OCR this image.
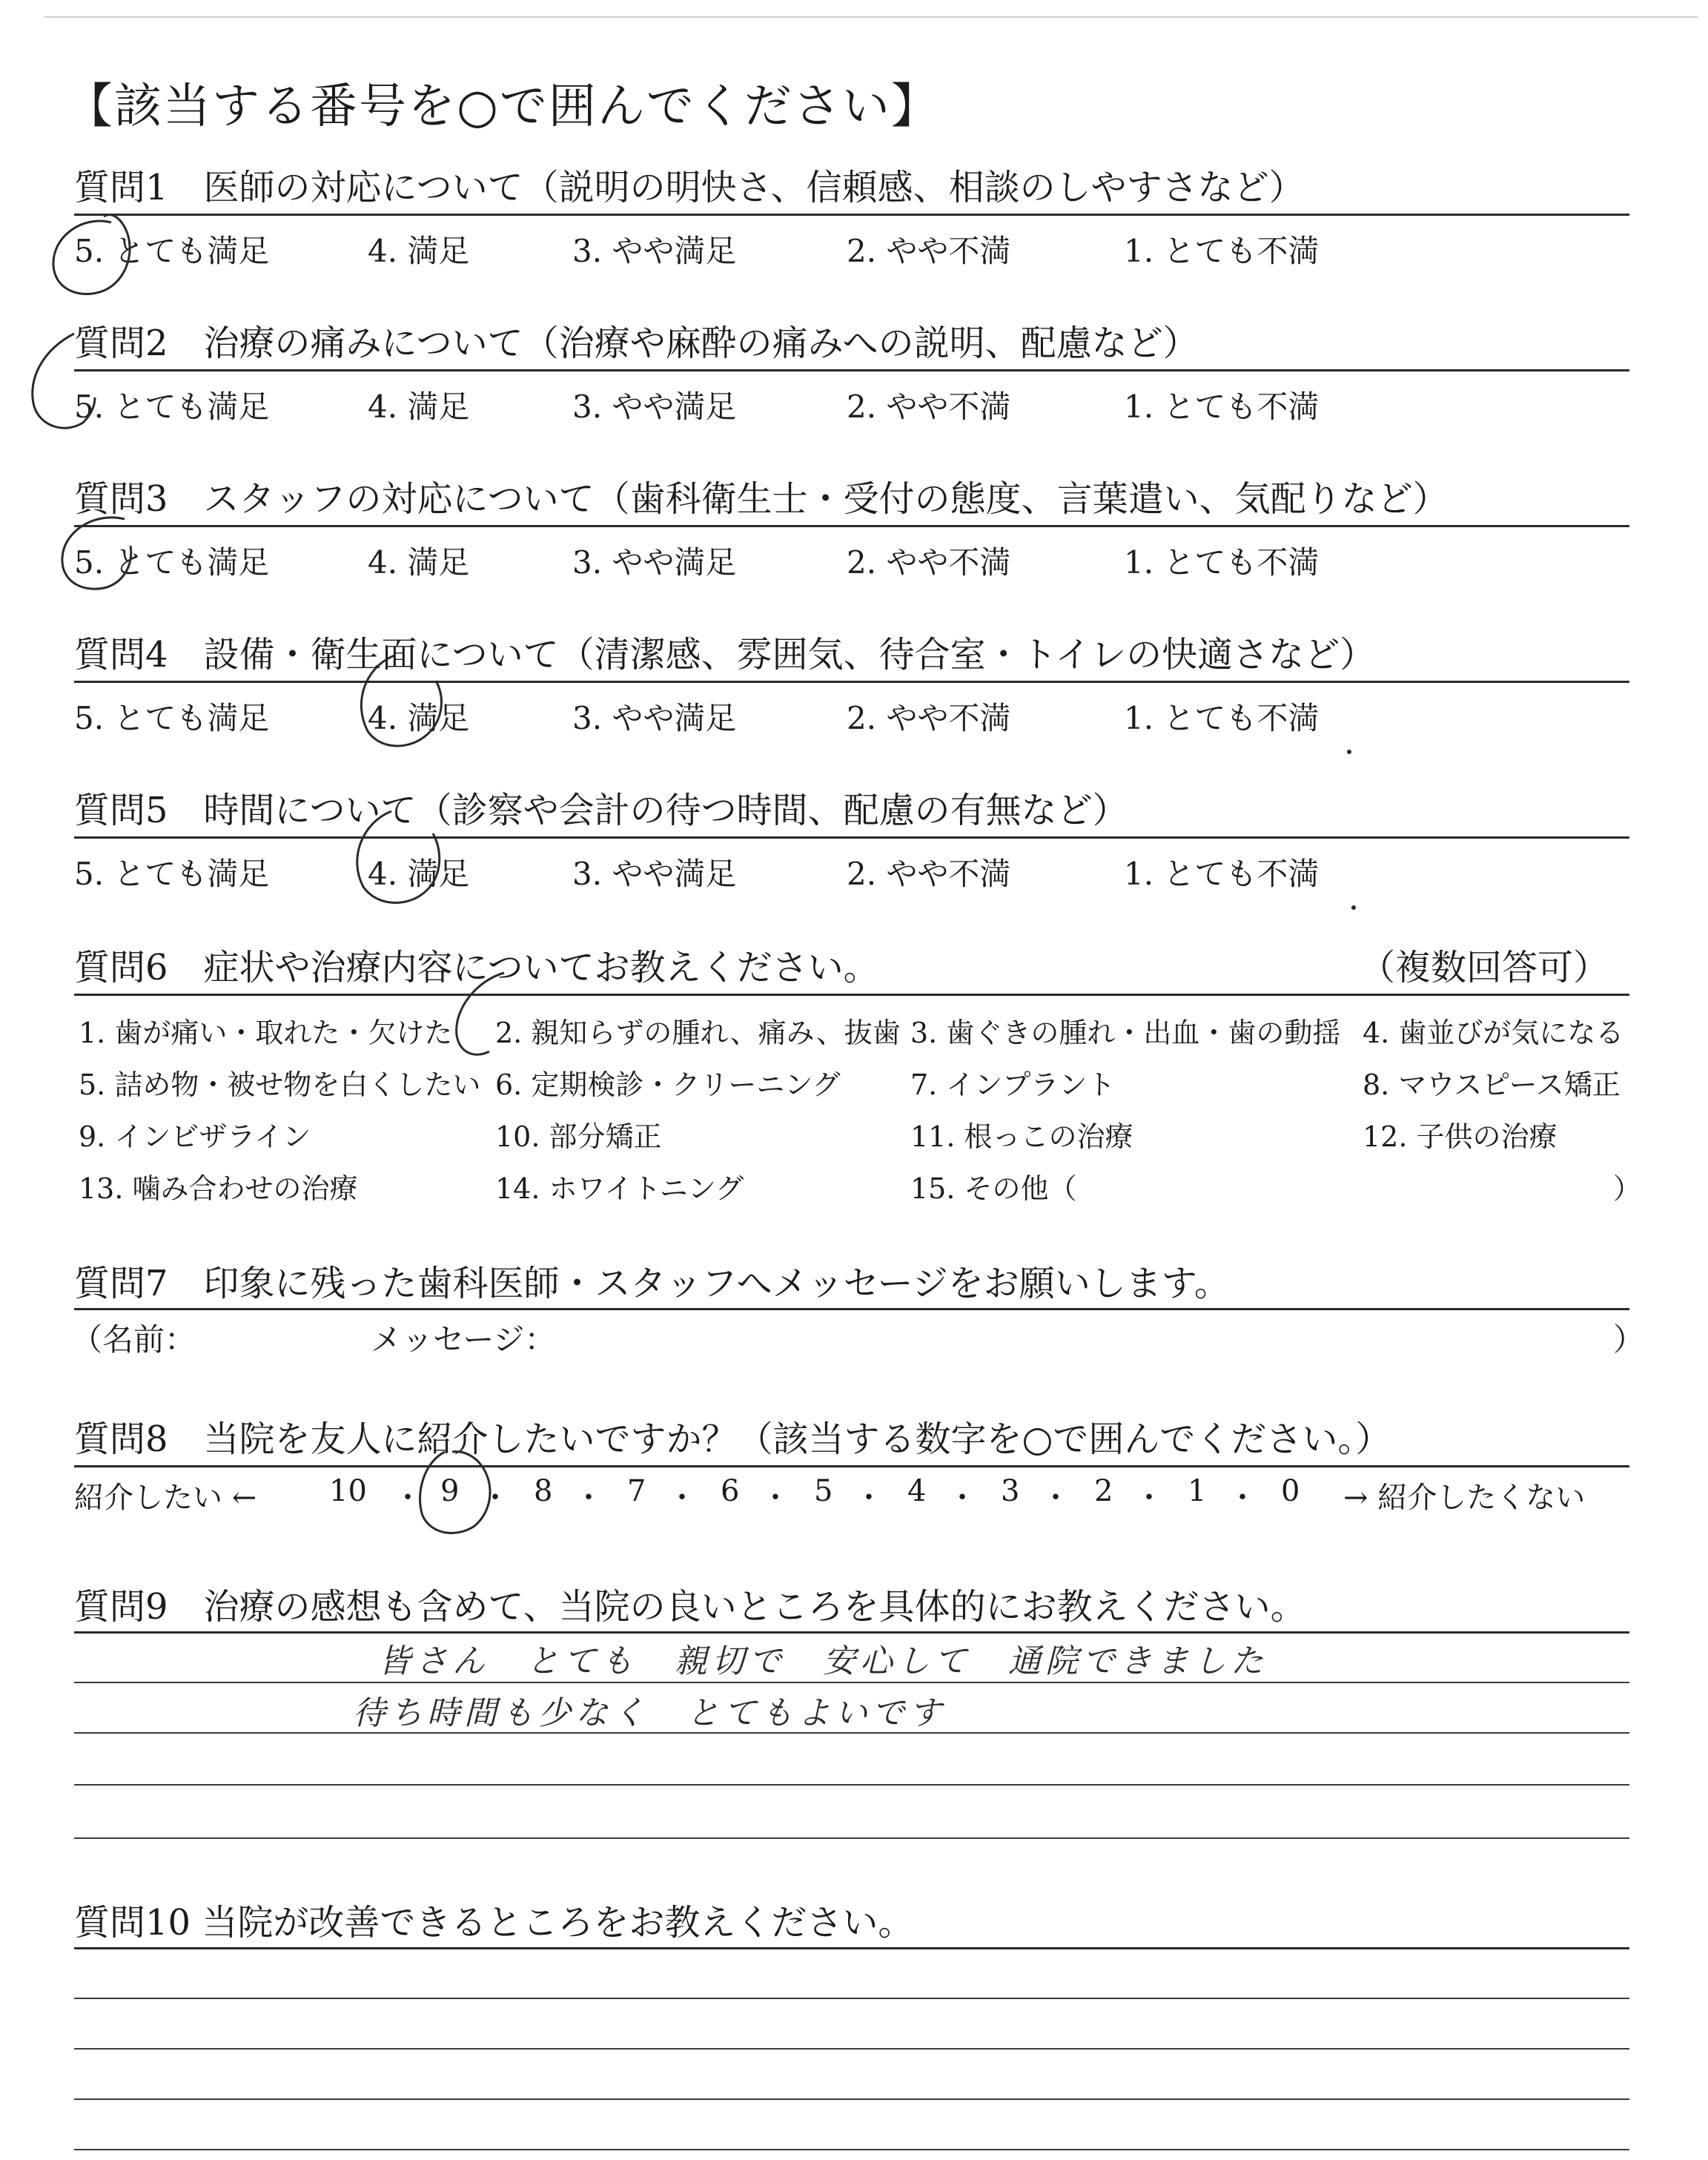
【該当する番号を○で囲んでください】
質問1　医師の対応について（説明の明快さ、信頼感、相談のしやすさなど）
5. とても満足	4. 満足	3. やや満足	2. やや不満	1. とても不満
質問2　治療の痛みについて（治療や麻酔の痛みへの説明、配慮など）
5. とても満足	4. 満足	3. やや満足	2. やや不満	1. とても不満
質問3　スタッフの対応について（歯科衛生士・受付の態度、言葉遣い、気配りなど）
5. とても満足	4. 満足	3. やや満足	2. やや不満	1. とても不満
質問4　設備・衛生面について（清潔感、雰囲気、待合室・トイレの快適さなど）
5. とても満足	4. 満足	3. やや満足	2. やや不満	1. とても不満
質問5　時間について（診察や会計の待つ時間、配慮の有無など）
5. とても満足	4. 満足	3. やや満足	2. やや不満	1. とても不満
質問6　症状や治療内容についてお教えください。	（複数回答可）
1. 歯が痛い・取れた・欠けた 2. 親知らずの腫れ、痛み、抜歯 3. 歯ぐきの腫れ・出血・歯の動揺 4. 歯並びが気になる
5. 詰め物・被せ物を白くしたい 6. 定期検診・クリーニング 7. インプラント	8. マウスピース矯正
9. インビザライン	10. 部分矯正	11. 根っこの治療	12. 子供の治療
13. 噛み合わせの治療	14. ホワイトニング	15. その他（	）
質問7　印象に残った歯科医師・スタッフへメッセージをお願いします。
（名前：	メッセージ：	）
質問8　当院を友人に紹介したいですか？（該当する数字を○で囲んでください。）
紹介したい ← 10 ・ 9 ・ 8 ・ 7 ・ 6 ・ 5 ・ 4 ・ 3 ・ 2 ・ 1 ・ 0 → 紹介したくない
質問9　治療の感想も含めて、当院の良いところを具体的にお教えください。
皆さん　とても　親切で　安心して　通院できました
待ち時間も少なく　とてもよいです
質問10 当院が改善できるところをお教えください。
